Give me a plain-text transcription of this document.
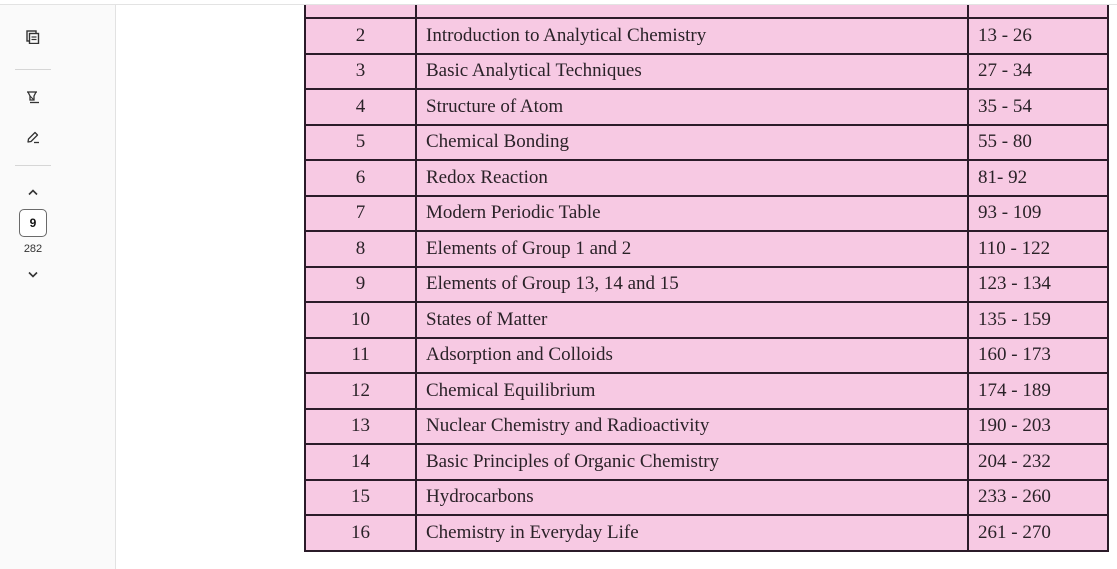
9
282

2	Introduction to Analytical Chemistry	13 - 26
3	Basic Analytical Techniques	27 - 34
4	Structure of Atom	35 - 54
5	Chemical Bonding	55 - 80
6	Redox Reaction	81- 92
7	Modern Periodic Table	93 - 109
8	Elements of Group 1 and 2	110 - 122
9	Elements of Group 13, 14 and 15	123 - 134
10	States of Matter	135 - 159
11	Adsorption and Colloids	160 - 173
12	Chemical Equilibrium	174 - 189
13	Nuclear Chemistry and Radioactivity	190 - 203
14	Basic Principles of Organic Chemistry	204 - 232
15	Hydrocarbons	233 - 260
16	Chemistry in Everyday Life	261 - 270
